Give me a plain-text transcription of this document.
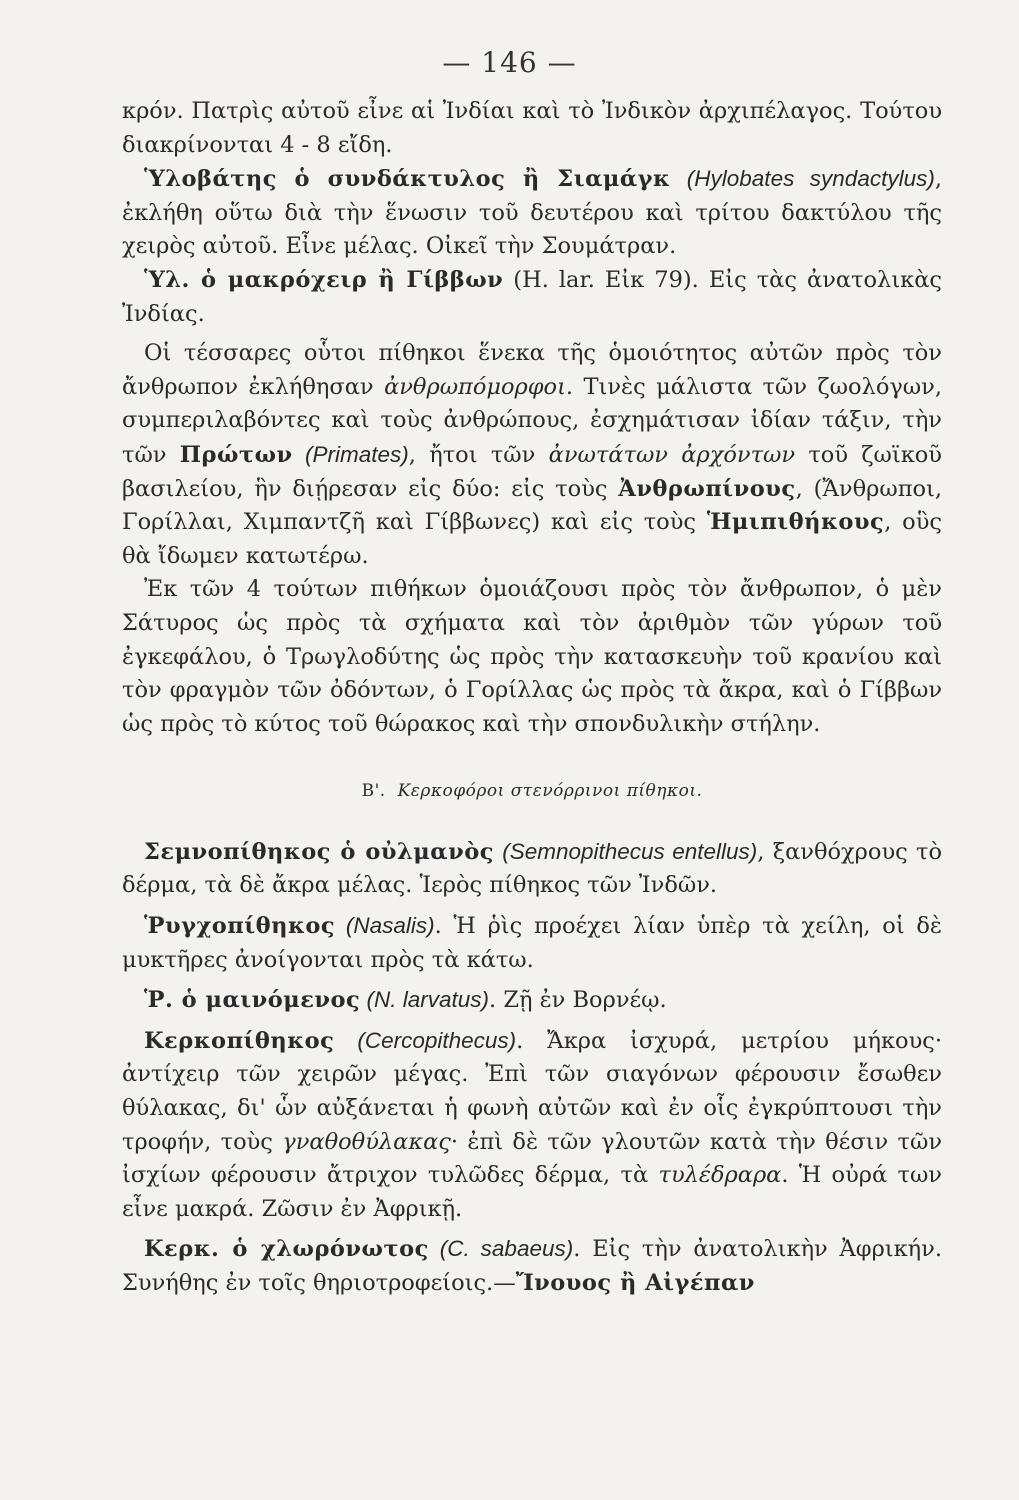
— 146 —

κρόν. Πατρὶς αὐτοῦ εἶνε αἱ Ἰνδίαι καὶ τὸ Ἰνδικὸν ἀρχιπέλαγος. Τούτου διακρίνονται 4 - 8 εἴδη.

Ὑλοβάτης ὁ συνδάκτυλος ἢ Σιαμάγκ (Hylobates syndactylus), ἐκλήθη οὕτω διὰ τὴν ἕνωσιν τοῦ δευτέρου καὶ τρίτου δακτύλου τῆς χειρὸς αὐτοῦ. Εἶνε μέλας. Οἰκεῖ τὴν Σουμάτραν.

Ὑλ. ὁ μακρόχειρ ἢ Γίββων (H. lar. Εἰκ 79). Εἰς τὰς ἀνατολικὰς Ἰνδίας.

Οἱ τέσσαρες οὗτοι πίθηκοι ἕνεκα τῆς ὁμοιότητος αὐτῶν πρὸς τὸν ἄνθρωπον ἐκλήθησαν ἀνθρωπόμορφοι. Τινὲς μάλιστα τῶν ζωολόγων, συμπεριλαβόντες καὶ τοὺς ἀνθρώπους, ἐσχημάτισαν ἰδίαν τάξιν, τὴν τῶν Πρώτων (Primates), ἤτοι τῶν ἀνωτάτων ἀρχόντων τοῦ ζωϊκοῦ βασιλείου, ἣν διῄρεσαν εἰς δύο: εἰς τοὺς Ἀνθρωπίνους, (Ἄνθρωποι, Γορίλλαι, Χιμπαντζῆ καὶ Γίββωνες) καὶ εἰς τοὺς Ἡμιπιθήκους, οὓς θὰ ἴδωμεν κατωτέρω.

Ἐκ τῶν 4 τούτων πιθήκων ὁμοιάζουσι πρὸς τὸν ἄνθρωπον, ὁ μὲν Σάτυρος ὡς πρὸς τὰ σχήματα καὶ τὸν ἀριθμὸν τῶν γύρων τοῦ ἐγκεφάλου, ὁ Τρωγλοδύτης ὡς πρὸς τὴν κατασκευὴν τοῦ κρανίου καὶ τὸν φραγμὸν τῶν ὀδόντων, ὁ Γορίλλας ὡς πρὸς τὰ ἄκρα, καὶ ὁ Γίββων ὡς πρὸς τὸ κύτος τοῦ θώρακος καὶ τὴν σπονδυλικὴν στήλην.

Β'. Κερκοφόροι στενόρρινοι πίθηκοι.

Σεμνοπίθηκος ὁ οὐλμανὸς (Semnopithecus entellus), ξανθόχρους τὸ δέρμα, τὰ δὲ ἄκρα μέλας. Ἱερὸς πίθηκος τῶν Ἰνδῶν.

Ῥυγχοπίθηκος (Nasalis). Ἡ ῥὶς προέχει λίαν ὑπὲρ τὰ χείλη, οἱ δὲ μυκτῆρες ἀνοίγονται πρὸς τὰ κάτω.

Ῥ. ὁ μαινόμενος (N. larvatus). Ζῇ ἐν Βορνέῳ.

Κερκοπίθηκος (Cercopithecus). Ἄκρα ἰσχυρά, μετρίου μήκους· ἀντίχειρ τῶν χειρῶν μέγας. Ἐπὶ τῶν σιαγόνων φέρουσιν ἔσωθεν θύλακας, δι' ὧν αὐξάνεται ἡ φωνὴ αὐτῶν καὶ ἐν οἷς ἐγκρύπτουσι τὴν τροφήν, τοὺς γναθοθύλακας· ἐπὶ δὲ τῶν γλουτῶν κατὰ τὴν θέσιν τῶν ἰσχίων φέρουσιν ἄτριχον τυλῶδες δέρμα, τὰ τυλέδραρα. Ἡ οὐρά των εἶνε μακρά. Ζῶσιν ἐν Ἀφρικῇ.

Κερκ. ὁ χλωρόνωτος (C. sabaeus). Εἰς τὴν ἀνατολικὴν Ἀφρικήν. Συνήθης ἐν τοῖς θηριοτροφείοις.—Ἴνουος ἢ Αἰγέπαν
